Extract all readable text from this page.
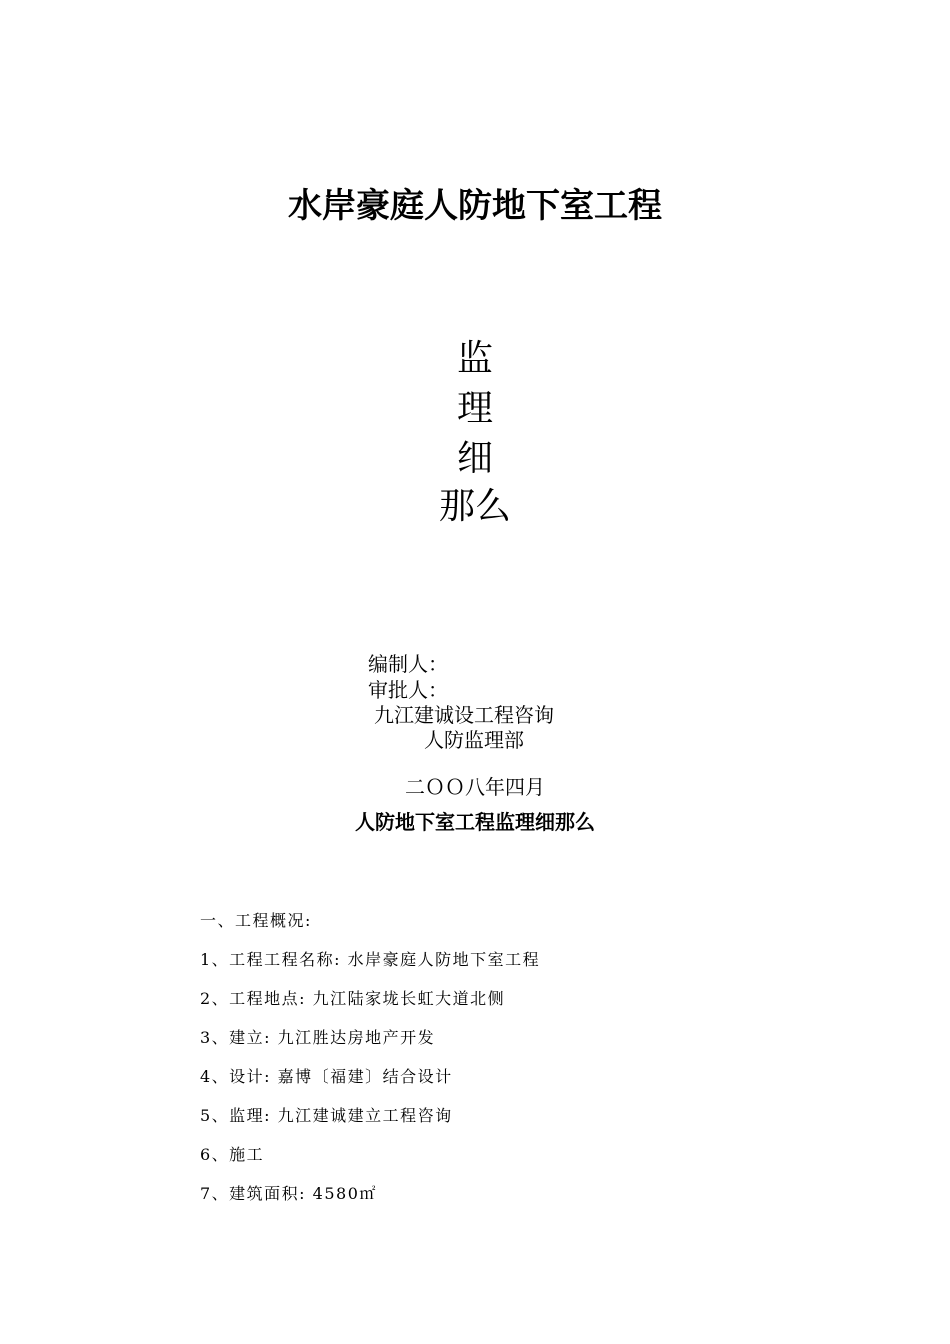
水岸豪庭人防地下室工程
监
理
细
那么
编制人：
审批人：
九江建诚设工程咨询
人防监理部
二ＯＯ八年四月
人防地下室工程监理细那么
一、工程概况:
1、工程工程名称: 水岸豪庭人防地下室工程
2、工程地点: 九江陆家垅长虹大道北侧
3、建立: 九江胜达房地产开发
4、设计: 嘉博〔福建〕结合设计
5、监理: 九江建诚建立工程咨询
6、施工
7、建筑面积: 4580㎡
